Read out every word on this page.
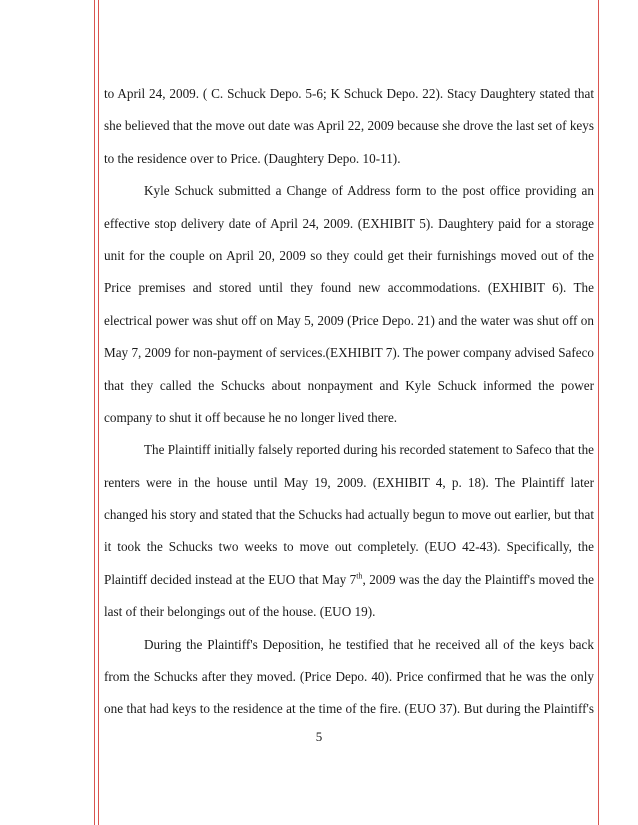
to April 24, 2009. ( C. Schuck Depo. 5-6; K Schuck Depo. 22). Stacy Daughtery stated that
she believed that the move out date was April 22, 2009 because she drove the last set of keys
to the residence over to Price. (Daughtery Depo. 10-11).
Kyle Schuck submitted a Change of Address form to the post office providing an
effective stop delivery date of April 24, 2009. (EXHIBIT 5). Daughtery paid for a storage
unit for the couple on April 20, 2009 so they could get their furnishings moved out of the
Price premises and stored until they found new accommodations. (EXHIBIT 6). The
electrical power was shut off on May 5, 2009 (Price Depo. 21) and the water was shut off on
May 7, 2009 for non-payment of services.(EXHIBIT 7). The power company advised Safeco
that they called the Schucks about nonpayment and Kyle Schuck informed the power
company to shut it off because he no longer lived there.
The Plaintiff initially falsely reported during his recorded statement to Safeco that the
renters were in the house until May 19, 2009. (EXHIBIT 4, p. 18). The Plaintiff later
changed his story and stated that the Schucks had actually begun to move out earlier, but that
it took the Schucks two weeks to move out completely. (EUO 42-43). Specifically, the
Plaintiff decided instead at the EUO that May 7th, 2009 was the day the Plaintiff's moved the
last of their belongings out of the house. (EUO 19).
During the Plaintiff's Deposition, he testified that he received all of the keys back
from the Schucks after they moved. (Price Depo. 40). Price confirmed that he was the only
one that had keys to the residence at the time of the fire. (EUO 37). But during the Plaintiff's
5
